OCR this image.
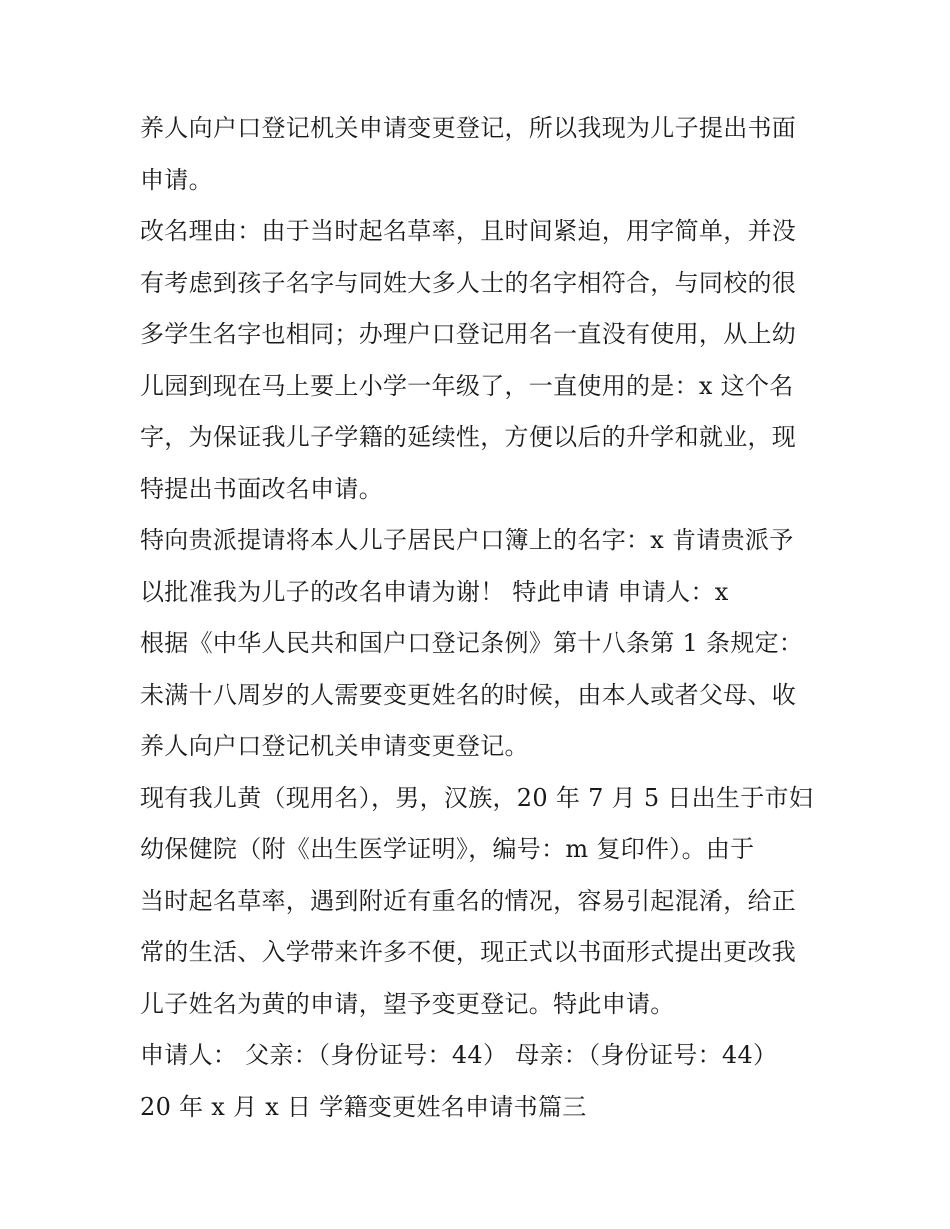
养人向户口登记机关申请变更登记，所以我现为儿子提出书面
申请。
改名理由：由于当时起名草率，且时间紧迫，用字简单，并没
有考虑到孩子名字与同姓大多人士的名字相符合，与同校的很
多学生名字也相同；办理户口登记用名一直没有使用，从上幼
儿园到现在马上要上小学一年级了，一直使用的是：x 这个名
字，为保证我儿子学籍的延续性，方便以后的升学和就业，现
特提出书面改名申请。
特向贵派提请将本人儿子居民户口簿上的名字：x 肯请贵派予
以批准我为儿子的改名申请为谢！ 特此申请 申请人：x
根据《中华人民共和国户口登记条例》第十八条第 1 条规定：
未满十八周岁的人需要变更姓名的时候，由本人或者父母、收
养人向户口登记机关申请变更登记。
现有我儿黄（现用名），男，汉族，20 年 7 月 5 日出生于市妇
幼保健院（附《出生医学证明》，编号：m 复印件）。由于
当时起名草率，遇到附近有重名的情况，容易引起混淆，给正
常的生活、入学带来许多不便，现正式以书面形式提出更改我
儿子姓名为黄的申请，望予变更登记。特此申请。
申请人： 父亲：（身份证号：44） 母亲：（身份证号：44）
20 年 x 月 x 日 学籍变更姓名申请书篇三
